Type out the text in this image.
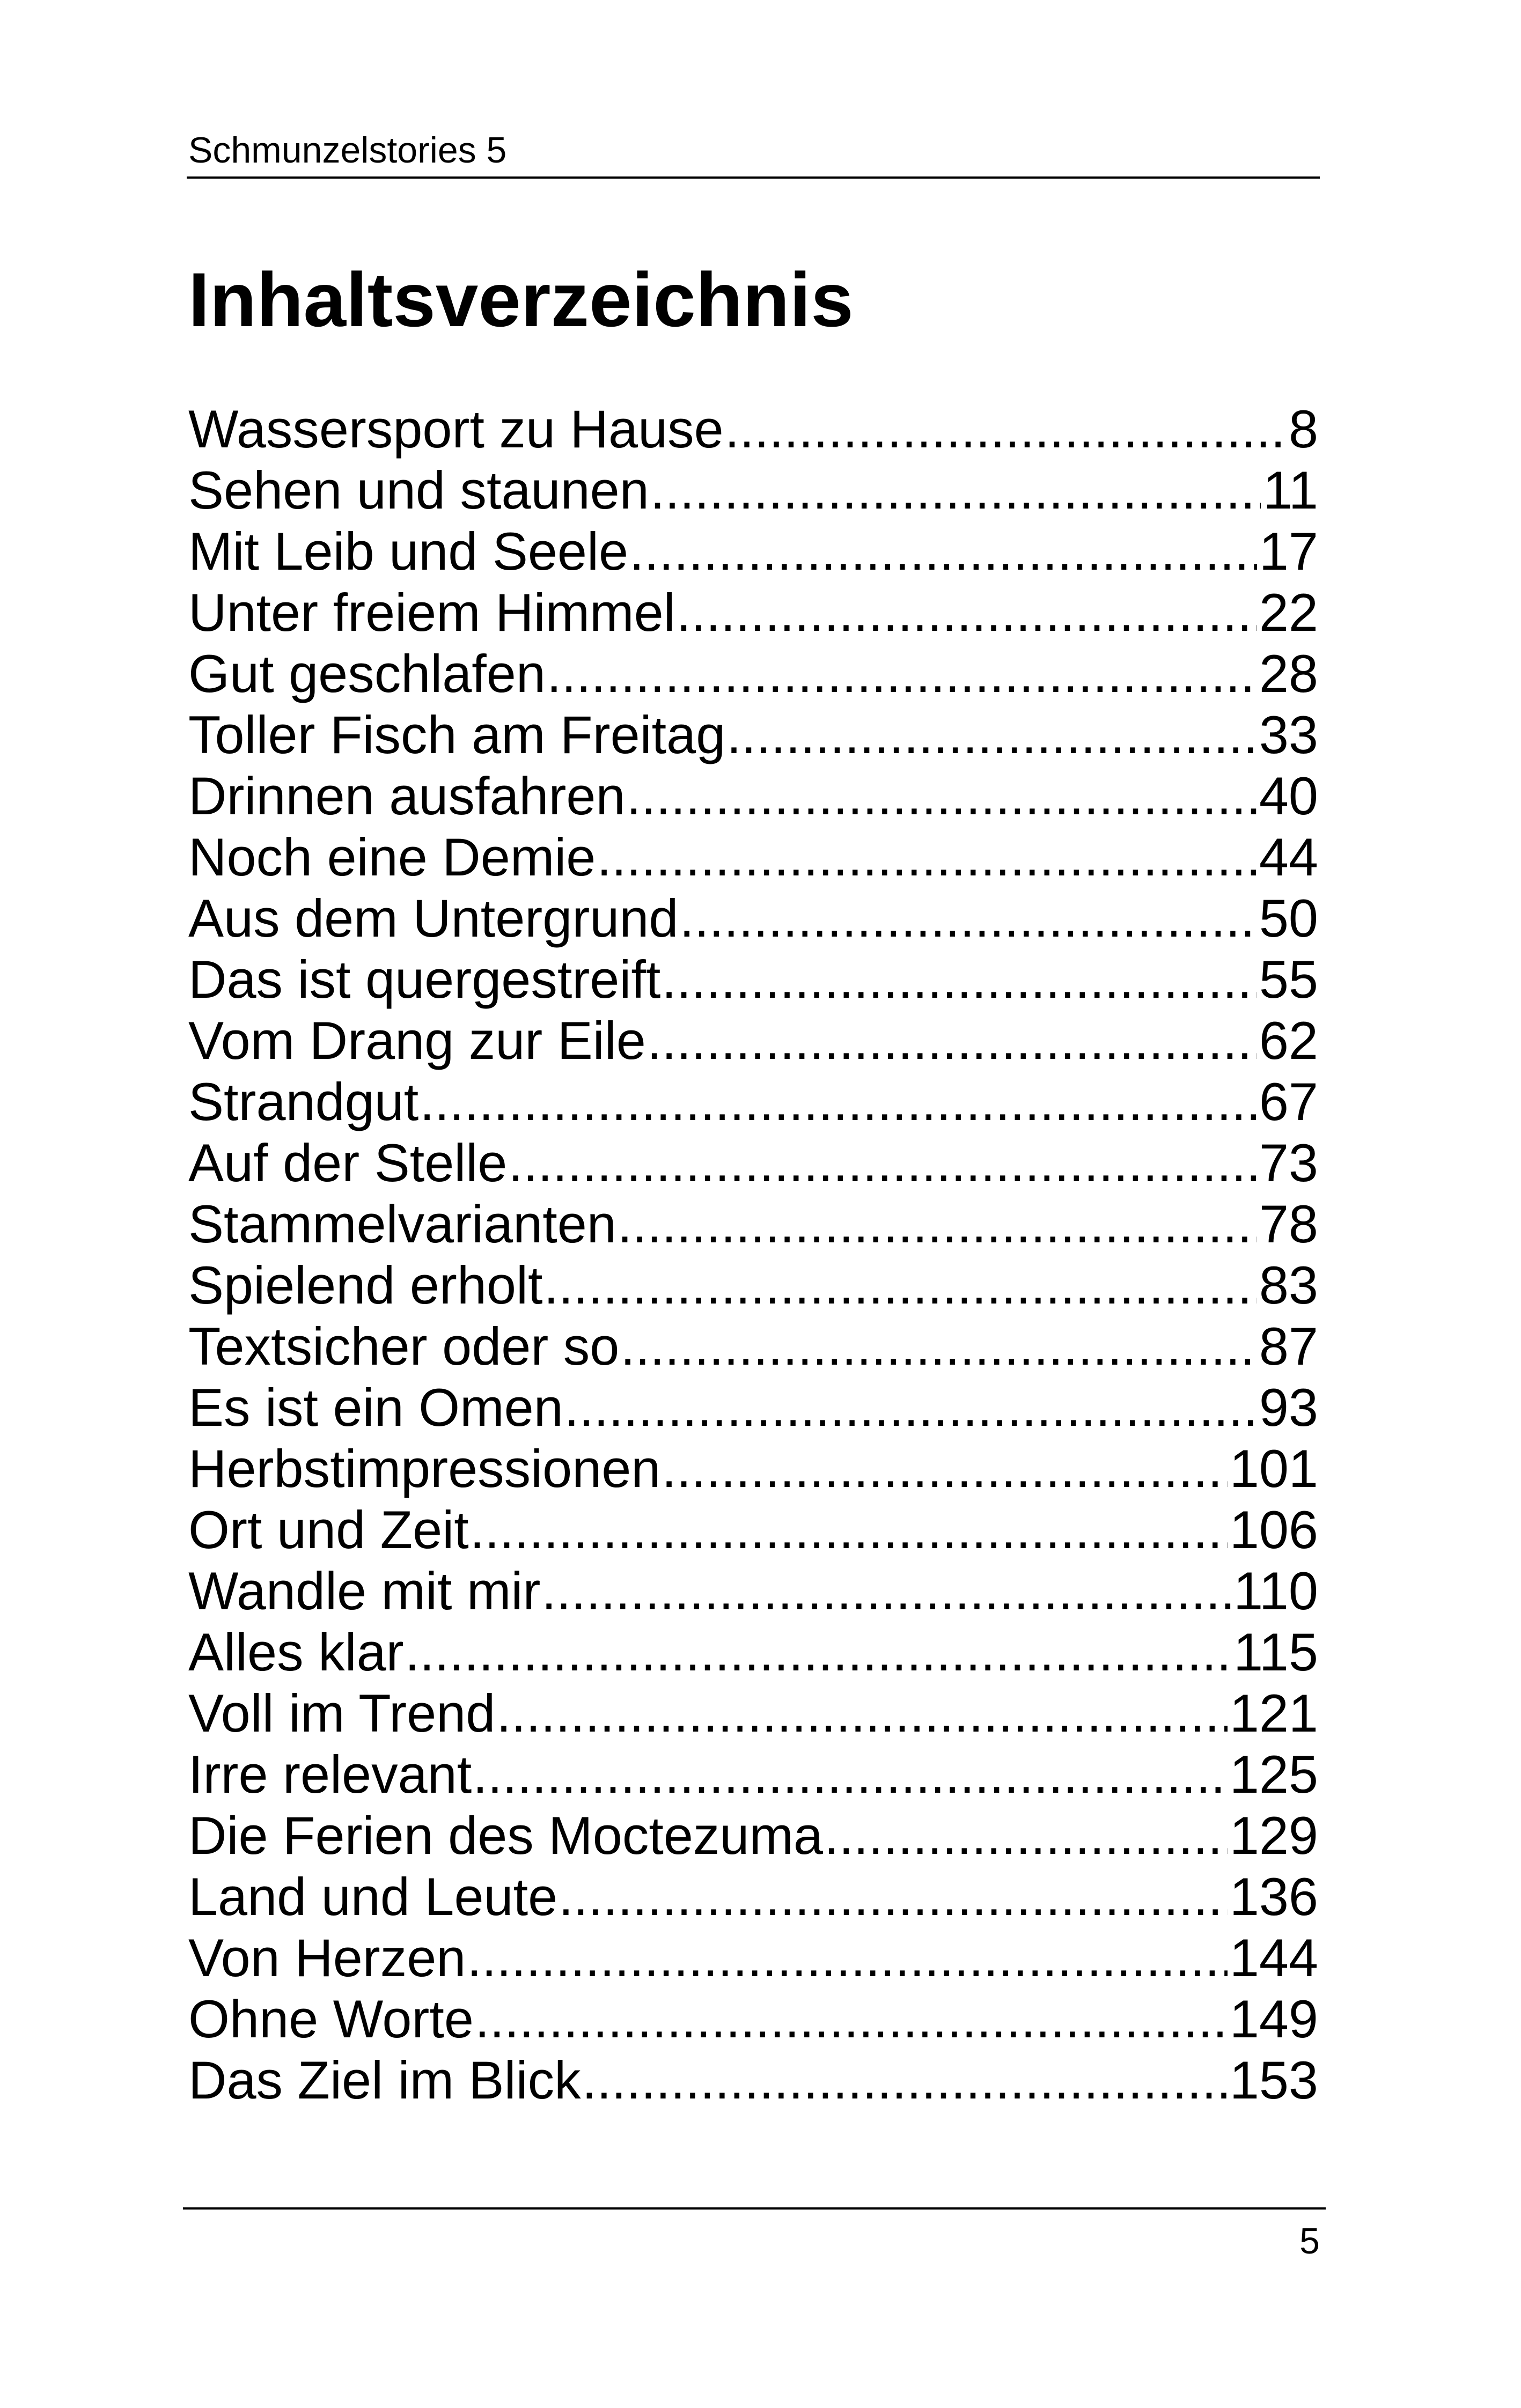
Schmunzelstories 5
Inhaltsverzeichnis
Wassersport zu Hause .....	8
Sehen und staunen .....	11
Mit Leib und Seele .....	17
Unter freiem Himmel .....	22
Gut geschlafen .....	28
Toller Fisch am Freitag .....	33
Drinnen ausfahren .....	40
Noch eine Demie .....	44
Aus dem Untergrund .....	50
Das ist quergestreift .....	55
Vom Drang zur Eile .....	62
Strandgut .....	67
Auf der Stelle .....	73
Stammelvarianten .....	78
Spielend erholt .....	83
Textsicher oder so .....	87
Es ist ein Omen .....	93
Herbstimpressionen .....	101
Ort und Zeit .....	106
Wandle mit mir .....	110
Alles klar .....	115
Voll im Trend .....	121
Irre relevant .....	125
Die Ferien des Moctezuma .....	129
Land und Leute .....	136
Von Herzen .....	144
Ohne Worte .....	149
Das Ziel im Blick .....	153
5
